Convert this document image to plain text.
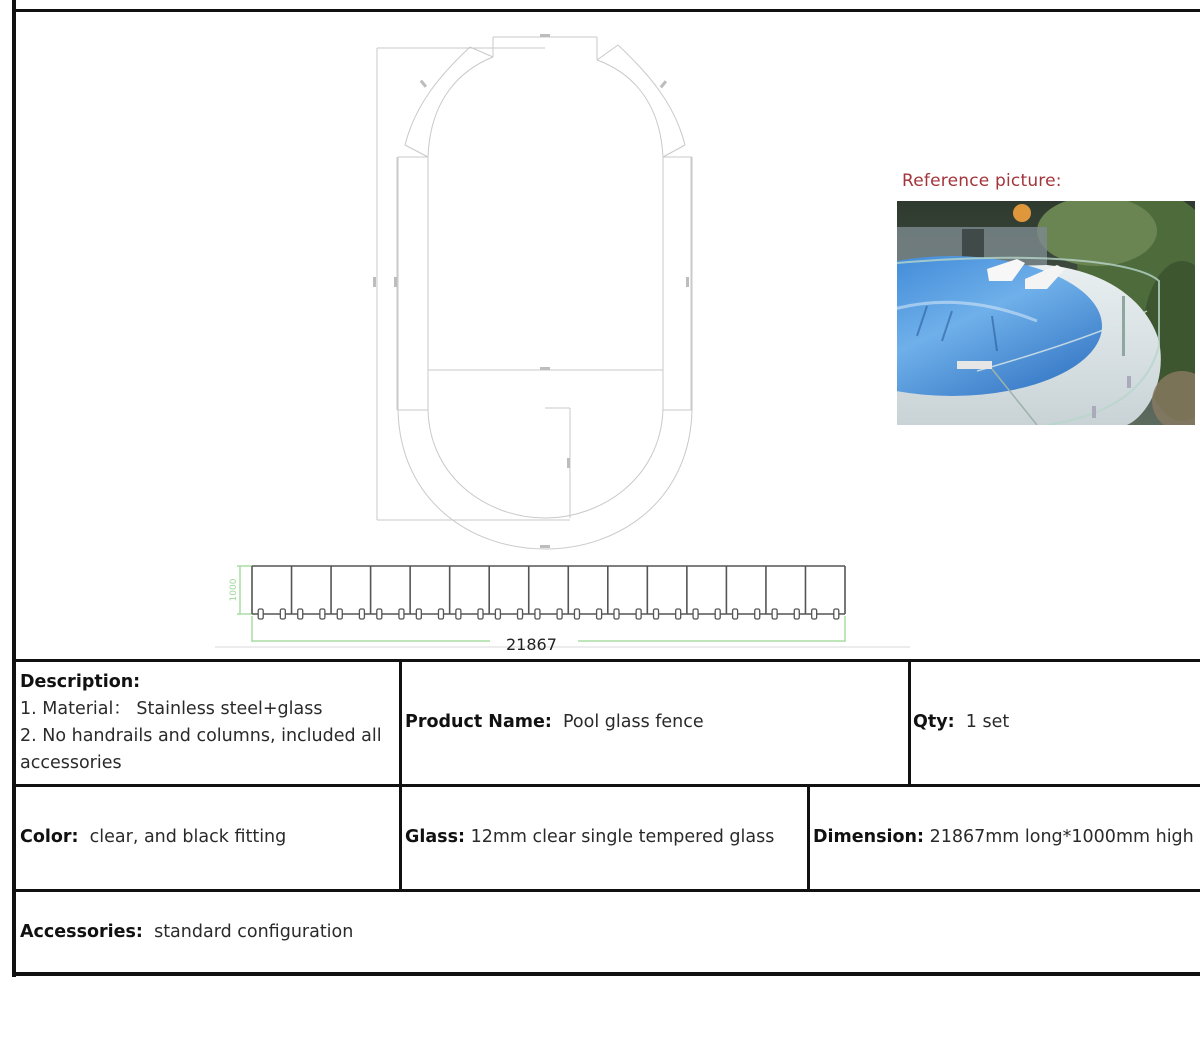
1000
Reference picture:
21867
Description:
1. Material： Stainless steel+glass
2. No handrails and columns, included all
accessories
Product Name: Pool glass fence	Qty: 1 set
Color: clear, and black fitting	Glass: 12mm clear single tempered glass Dimension: 21867mm long*1000mm high
Accessories: standard configuration
